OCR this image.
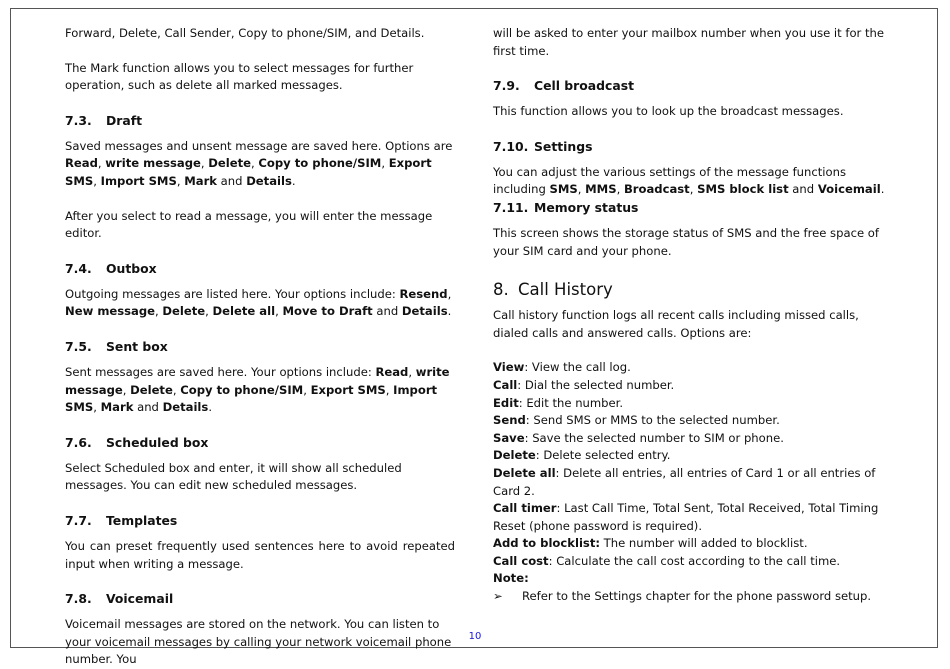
Forward, Delete, Call Sender, Copy to phone/SIM, and Details.

The Mark function allows you to select messages for further operation, such as delete all marked messages.

7.3. Draft

Saved messages and unsent message are saved here. Options are Read, write message, Delete, Copy to phone/SIM, Export SMS, Import SMS, Mark and Details.

After you select to read a message, you will enter the message editor.

7.4. Outbox

Outgoing messages are listed here. Your options include: Resend, New message, Delete, Delete all, Move to Draft and Details.

7.5. Sent box

Sent messages are saved here. Your options include: Read, write message, Delete, Copy to phone/SIM, Export SMS, Import SMS, Mark and Details.

7.6. Scheduled box

Select Scheduled box and enter, it will show all scheduled messages. You can edit new scheduled messages.

7.7. Templates

You can preset frequently used sentences here to avoid repeated input when writing a message.

7.8. Voicemail

Voicemail messages are stored on the network. You can listen to your voicemail messages by calling your network voicemail phone number. You

will be asked to enter your mailbox number when you use it for the first time.

7.9. Cell broadcast

This function allows you to look up the broadcast messages.

7.10. Settings

You can adjust the various settings of the message functions including SMS, MMS, Broadcast, SMS block list and Voicemail.

7.11. Memory status

This screen shows the storage status of SMS and the free space of your SIM card and your phone.

8. Call History

Call history function logs all recent calls including missed calls, dialed calls and answered calls. Options are:

View: View the call log.

Call: Dial the selected number.

Edit: Edit the number.

Send: Send SMS or MMS to the selected number.

Save: Save the selected number to SIM or phone.

Delete: Delete selected entry.

Delete all: Delete all entries, all entries of Card 1 or all entries of Card 2.

Call timer: Last Call Time, Total Sent, Total Received, Total Timing Reset (phone password is required).

Add to blocklist: The number will added to blocklist.

Call cost: Calculate the call cost according to the call time.

Note:

➢	Refer to the Settings chapter for the phone password setup.
10
